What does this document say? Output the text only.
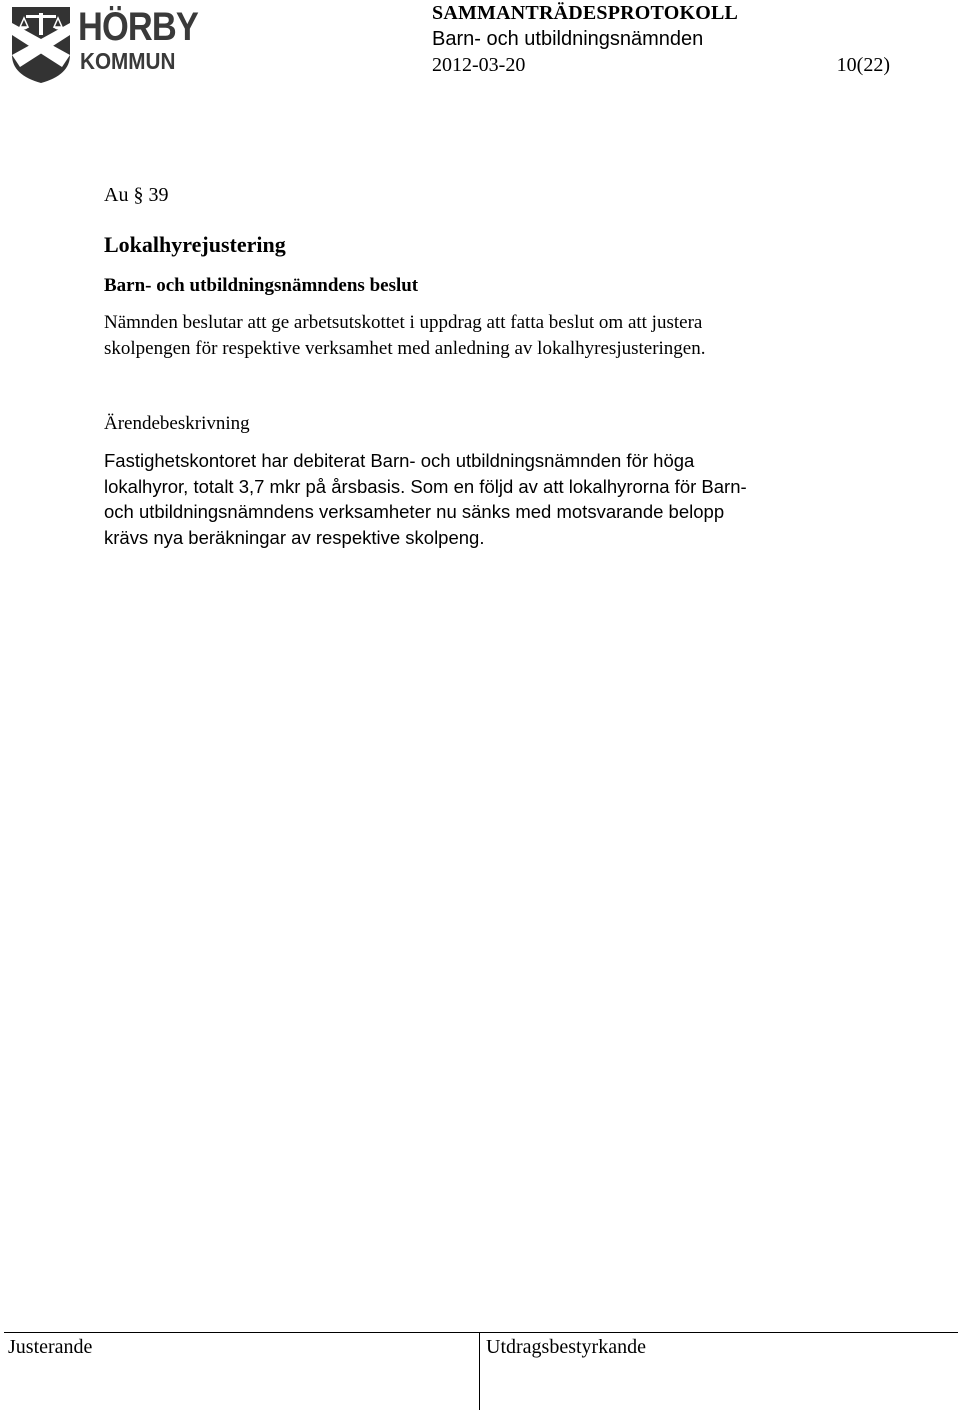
HÖRBY
KOMMUN
SAMMANTRÄDESPROTOKOLL
Barn- och utbildningsnämnden
2012-03-20	10(22)

Au § 39

Lokalhyrejustering
Barn- och utbildningsnämndens beslut

Nämnden beslutar att ge arbetsutskottet i uppdrag att fatta beslut om att justera skolpengen för respektive verksamhet med anledning av lokalhyresjusteringen.

Ärendebeskrivning

Fastighetskontoret har debiterat Barn- och utbildningsnämnden för höga lokalhyror, totalt 3,7 mkr på årsbasis. Som en följd av att lokalhyrorna för Barn- och utbildningsnämndens verksamheter nu sänks med motsvarande belopp krävs nya beräkningar av respektive skolpeng.

Justerande	Utdragsbestyrkande
